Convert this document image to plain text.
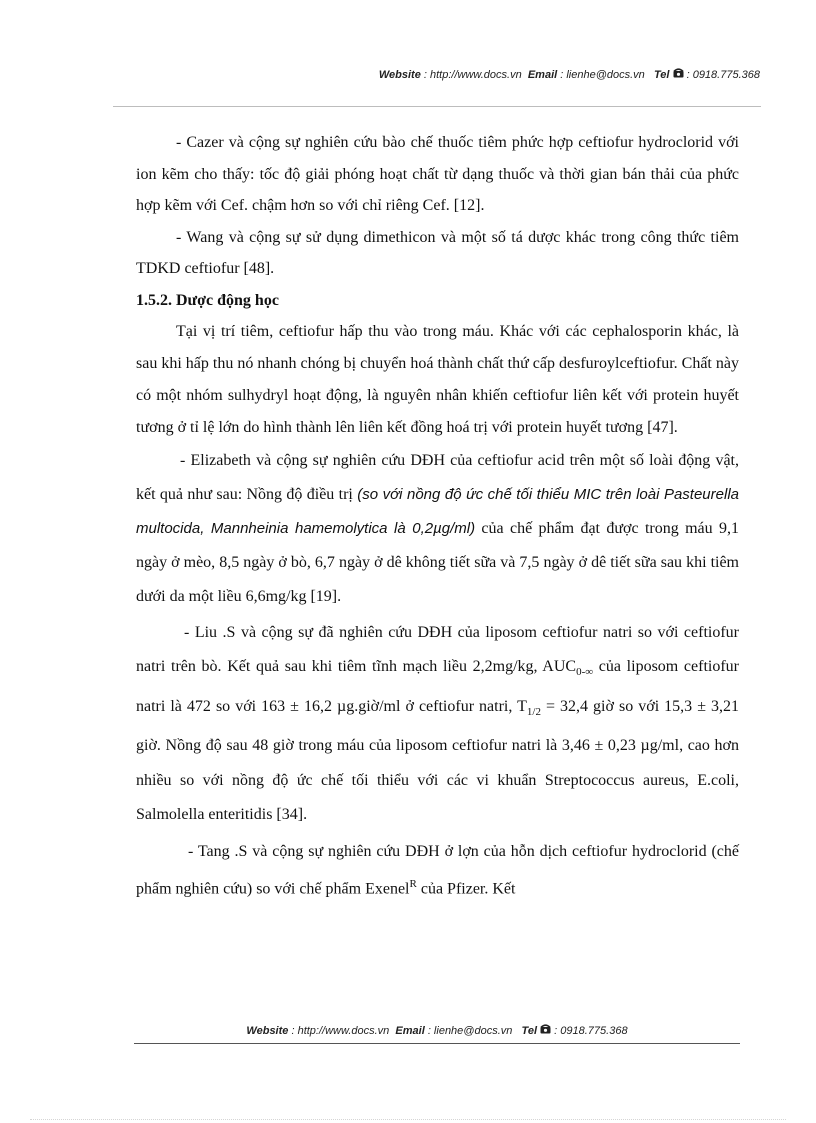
Website : http://www.docs.vn Email : lienhe@docs.vn Tel  : 0918.775.368

- Cazer và cộng sự nghiên cứu bào chế thuốc tiêm phức hợp ceftiofur hydroclorid với ion kẽm cho thấy: tốc độ giải phóng hoạt chất từ dạng thuốc và thời gian bán thải của phức hợp kẽm với Cef. chậm hơn so với chỉ riêng Cef. [12].

- Wang và cộng sự sử dụng dimethicon và một số tá dược khác trong công thức tiêm TDKD ceftiofur [48].

1.5.2. Dược động học

Tại vị trí tiêm, ceftiofur hấp thu vào trong máu. Khác với các cephalosporin khác, là sau khi hấp thu nó nhanh chóng bị chuyển hoá thành chất thứ cấp desfuroylceftiofur. Chất này có một nhóm sulhydryl hoạt động, là nguyên nhân khiến ceftiofur liên kết với protein huyết tương ở tỉ lệ lớn do hình thành lên liên kết đồng hoá trị với protein huyết tương [47].

- Elizabeth và cộng sự nghiên cứu DĐH của ceftiofur acid trên một số loài động vật, kết quả như sau: Nồng độ điều trị (so với nồng độ ức chế tối thiểu MIC trên loài Pasteurella multocida, Mannheinia hamemolytica là 0,2µg/ml) của chế phẩm đạt được trong máu 9,1 ngày ở mèo, 8,5 ngày ở bò, 6,7 ngày ở dê không tiết sữa và 7,5 ngày ở dê tiết sữa sau khi tiêm dưới da một liều 6,6mg/kg [19].

- Liu .S và cộng sự đã nghiên cứu DĐH của liposom ceftiofur natri so với ceftiofur natri trên bò. Kết quả sau khi tiêm tĩnh mạch liều 2,2mg/kg, $AUC_{0-\infty}$ của liposom ceftiofur natri là 472 so với 163 ± 16,2 µg.giờ/ml ở ceftiofur natri, $T_{1/2} = 32,4$ giờ so với 15,3 ± 3,21 giờ. Nồng độ sau 48 giờ trong máu của liposom ceftiofur natri là 3,46 ± 0,23 µg/ml, cao hơn nhiều so với nồng độ ức chế tối thiểu với các vi khuẩn Streptococcus aureus, E.coli, Salmolella enteritidis [34].

- Tang .S và cộng sự nghiên cứu DĐH ở lợn của hỗn dịch ceftiofur hydroclorid (chế phẩm nghiên cứu) so với chế phẩm Exenel$^R$ của Pfizer. Kết

Website : http://www.docs.vn Email : lienhe@docs.vn Tel  : 0918.775.368
